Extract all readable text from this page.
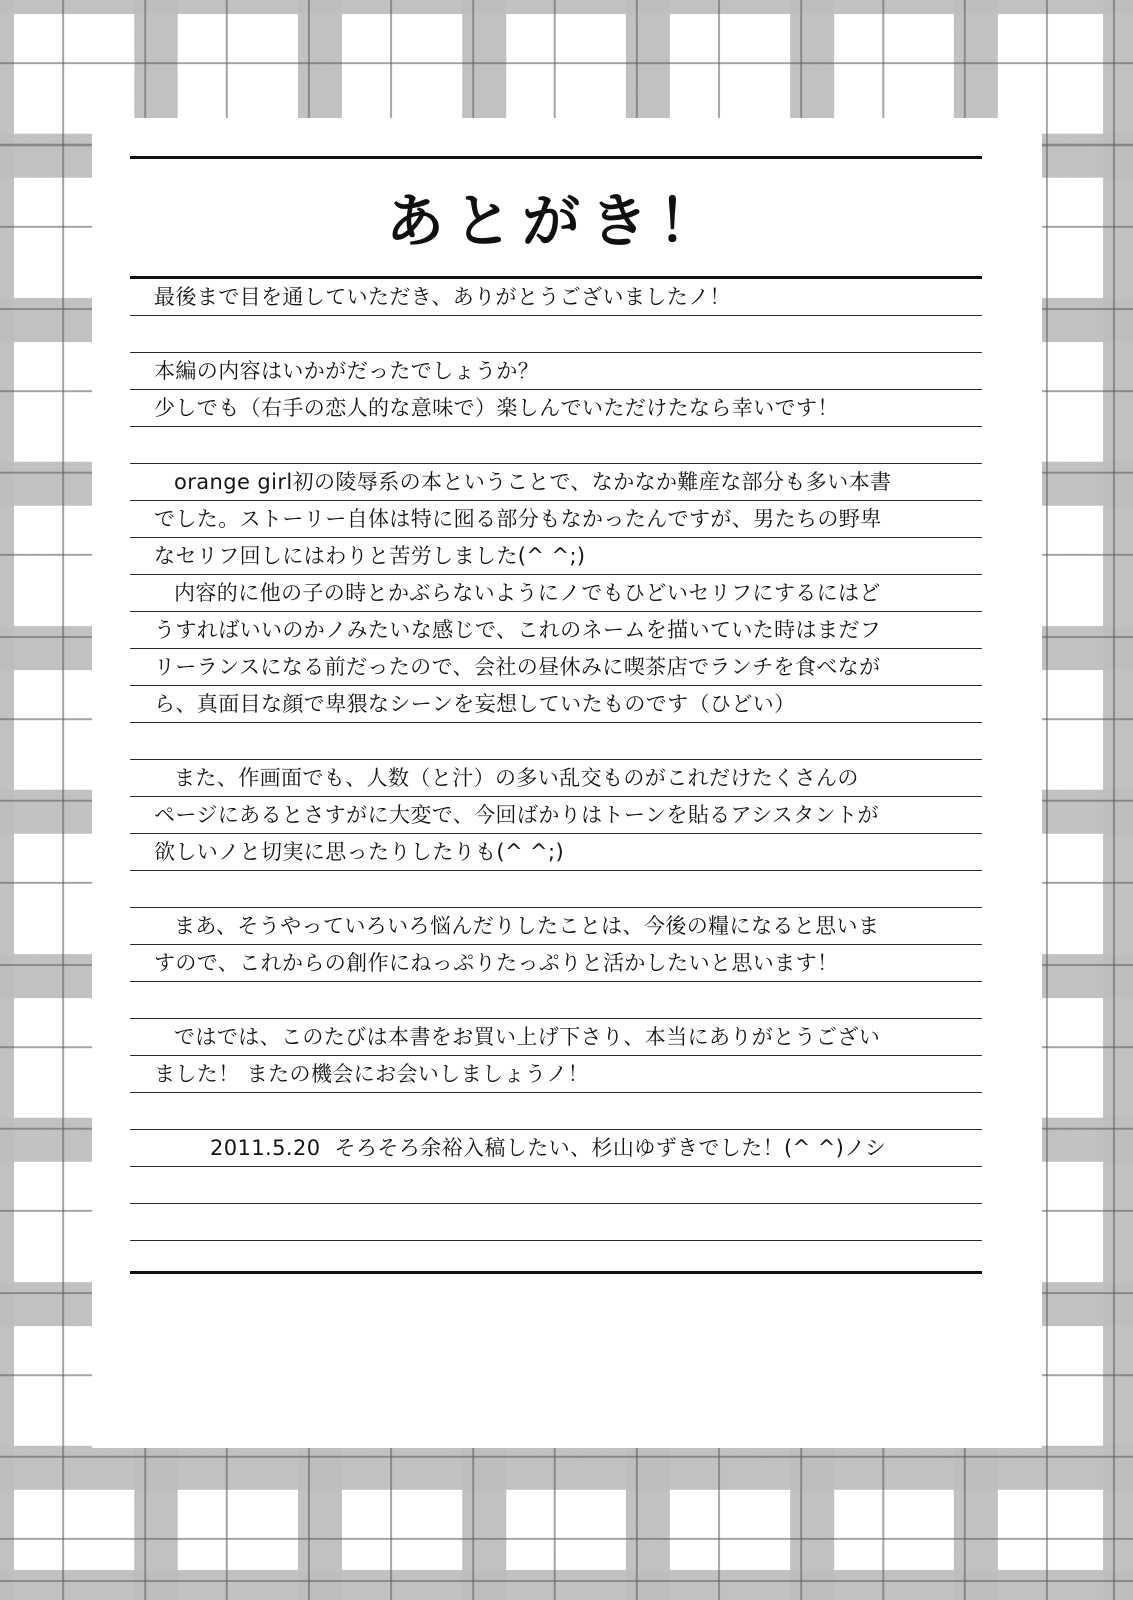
あとがき！
最後まで目を通していただき、ありがとうございましたノ！
本編の内容はいかがだったでしょうか？
少しでも（右手の恋人的な意味で）楽しんでいただけたなら幸いです！
orange girl初の陵辱系の本ということで、なかなか難産な部分も多い本書
でした。ストーリー自体は特に囮る部分もなかったんですが、男たちの野卑
なセリフ回しにはわりと苦労しました(^ ^;)
内容的に他の子の時とかぶらないようにノでもひどいセリフにするにはど
うすればいいのかノみたいな感じで、これのネームを描いていた時はまだフ
リーランスになる前だったので、会社の昼休みに喫茶店でランチを食べなが
ら、真面目な顔で卑猥なシーンを妄想していたものです（ひどい）
また、作画面でも、人数（と汁）の多い乱交ものがこれだけたくさんの
ページにあるとさすがに大変で、今回ばかりはトーンを貼るアシスタントが
欲しいノと切実に思ったりしたりも(^ ^;)
まあ、そうやっていろいろ悩んだりしたことは、今後の糧になると思いま
すので、これからの創作にねっぷりたっぷりと活かしたいと思います！
ではでは、このたびは本書をお買い上げ下さり、本当にありがとうござい
ました！ またの機会にお会いしましょうノ！
2011.5.20  そろそろ余裕入稿したい、杉山ゆずきでした！(^ ^)ノシ
